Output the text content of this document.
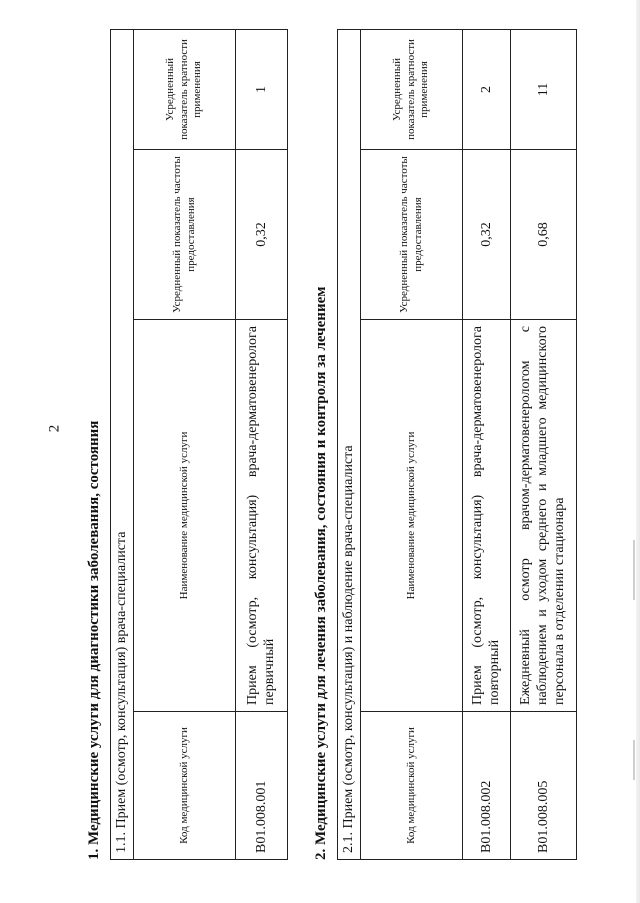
2 1. Медицинские услуги для диагностики заболевания, состояния 1.1. Прием (осмотр, консультация) врача-специалиста			
Код медицинской услуги	Наименование медицинской услуги	Усредненный показатель частоты предоставления	Усредненный показатель кратности применения
B01.008.001	Прием (осмотр, консультация) врача-дерматовенеролога первичный	0,32	1
2. Медицинские услуги для лечения заболевания, состояния и контроля за лечением 2.1. Прием (осмотр, консультация) и наблюдение врача-специалиста			
Код медицинской услуги	Наименование медицинской услуги	Усредненный показатель частоты предоставления	Усредненный показатель кратности применения
B01.008.002	Прием (осмотр, консультация) врача-дерматовенеролога повторный	0,32	2
B01.008.005	Ежедневный осмотр врачом-дерматовенерологом с наблюдением и уходом среднего и младшего медицинского персонала в отделении стационара	0,68	11
